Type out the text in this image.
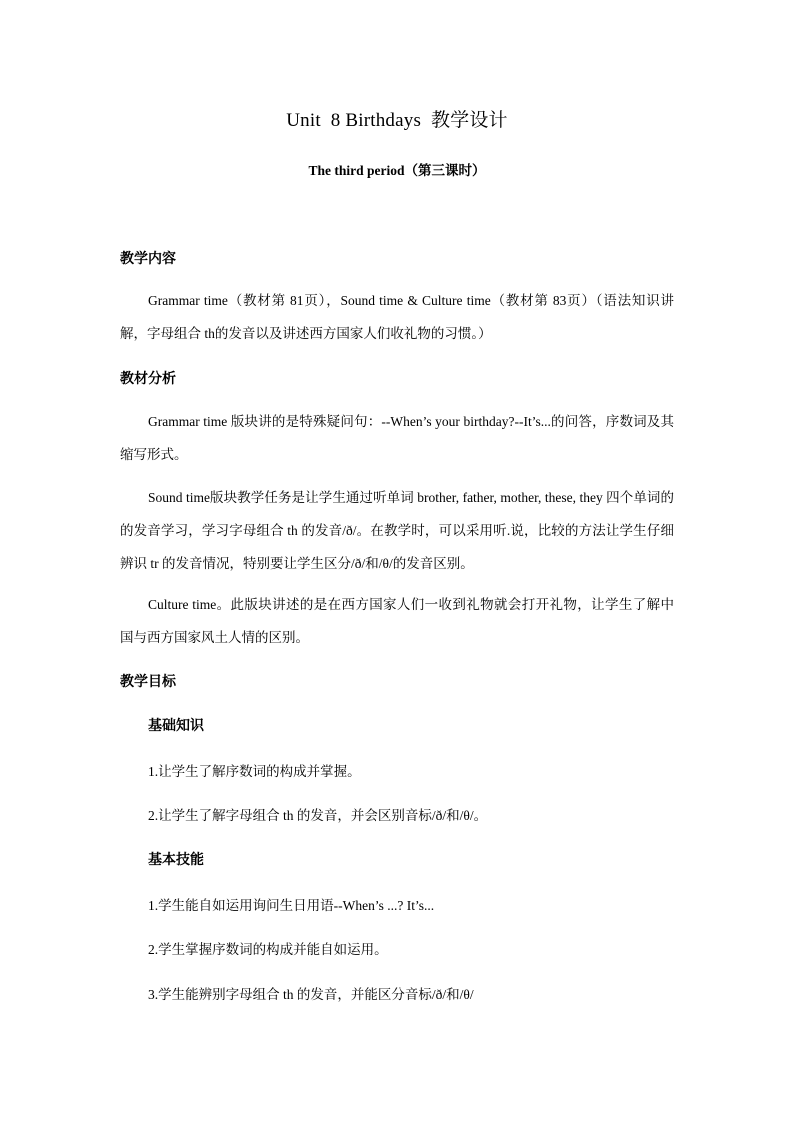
Unit  8 Birthdays  教学设计
The third period（第三课时）
教学内容

Grammar time（教材第 81页），Sound time & Culture time（教材第 83页）（语法知识讲解，字母组合 th的发音以及讲述西方国家人们收礼物的习惯。）

教材分析

Grammar time 版块讲的是特殊疑问句：--When’s your birthday?--It’s...的问答，序数词及其缩写形式。

Sound time版块教学任务是让学生通过听单词 brother, father, mother, these, they 四个单词的的发音学习，学习字母组合 th 的发音/ð/。在教学时，可以采用听.说，比较的方法让学生仔细辨识 tr 的发音情况，特别要让学生区分/ð/和/θ/的发音区别。

Culture time。此版块讲述的是在西方国家人们一收到礼物就会打开礼物，让学生了解中国与西方国家风土人情的区别。

教学目标
基础知识
1.让学生了解序数词的构成并掌握。
2.让学生了解字母组合 th 的发音，并会区别音标/ð/和/θ/。
基本技能
1.学生能自如运用询问生日用语--When’s ...? It’s...
2.学生掌握序数词的构成并能自如运用。
3.学生能辨别字母组合 th 的发音，并能区分音标/ð/和/θ/
